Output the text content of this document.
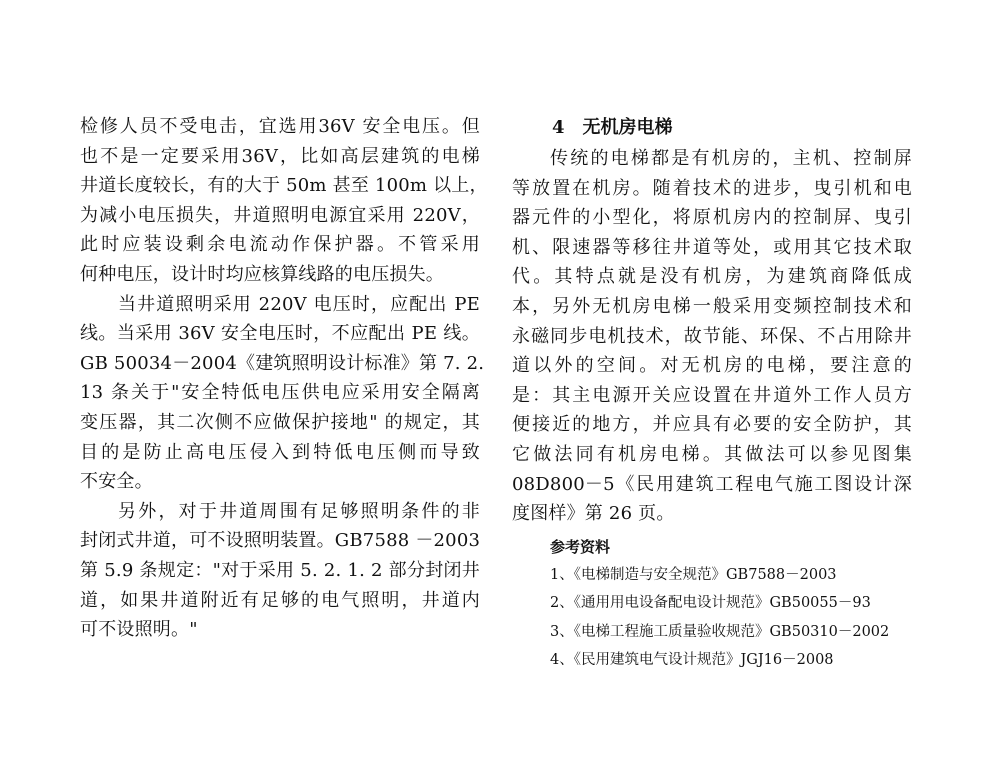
检修人员不受电击，宜选用36V 安全电压。但
也不是一定要采用36V，比如高层建筑的电梯
井道长度较长，有的大于 50m 甚至 100m 以上，
为减小电压损失，井道照明电源宜采用 220V，
此时应装设剩余电流动作保护器。不管采用
何种电压，设计时均应核算线路的电压损失。
当井道照明采用 220V 电压时，应配出 PE
线。当采用 36V 安全电压时，不应配出 PE 线。
GB 50034－2004《建筑照明设计标准》第 7. 2.
13 条关于"安全特低电压供电应采用安全隔离
变压器，其二次侧不应做保护接地" 的规定，其
目的是防止高电压侵入到特低电压侧而导致
不安全。
另外，对于井道周围有足够照明条件的非
封闭式井道，可不设照明装置。GB7588 －2003
第 5.9 条规定："对于采用 5. 2. 1. 2 部分封闭井
道，如果井道附近有足够的电气照明，井道内
可不设照明。"
4　无机房电梯
传统的电梯都是有机房的，主机、控制屏
等放置在机房。随着技术的进步，曳引机和电
器元件的小型化，将原机房内的控制屏、曳引
机、限速器等移往井道等处，或用其它技术取
代。其特点就是没有机房，为建筑商降低成
本，另外无机房电梯一般采用变频控制技术和
永磁同步电机技术，故节能、环保、不占用除井
道以外的空间。对无机房的电梯，要注意的
是：其主电源开关应设置在井道外工作人员方
便接近的地方，并应具有必要的安全防护，其
它做法同有机房电梯。其做法可以参见图集
08D800－5《民用建筑工程电气施工图设计深
度图样》第 26 页。
参考资料
1、《电梯制造与安全规范》GB7588－2003
2、《通用用电设备配电设计规范》GB50055－93
3、《电梯工程施工质量验收规范》GB50310－2002
4、《民用建筑电气设计规范》JGJ16－2008
